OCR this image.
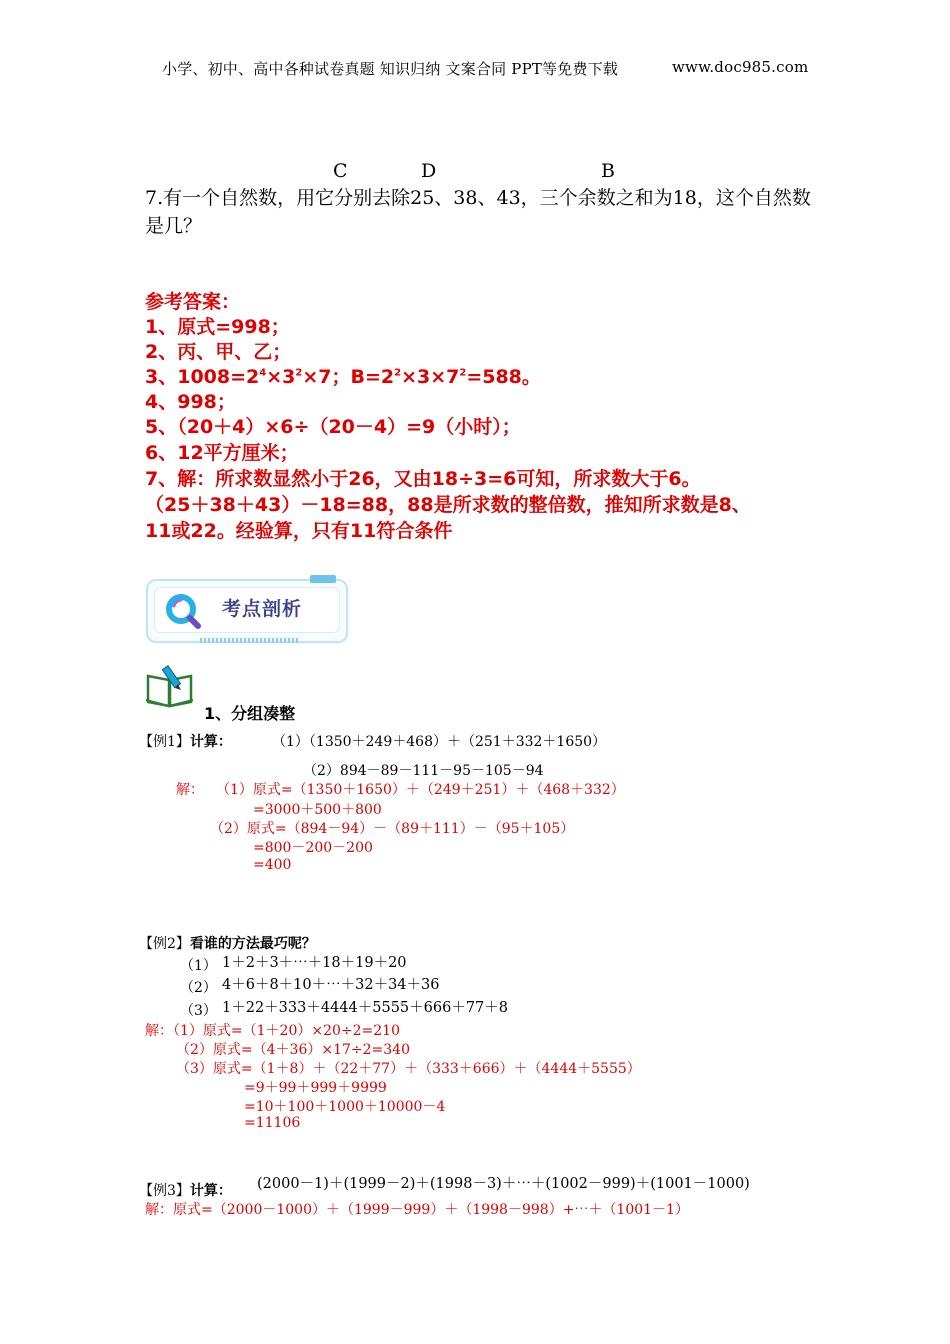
小学、初中、高中各种试卷真题 知识归纳 文案合同 PPT等免费下载	www.doc985.com
C	D	B
7.有一个自然数，用它分别去除25、38、43，三个余数之和为18，这个自然数是几？
参考答案：
1、原式=998；
2、丙、甲、乙；
3、$1008=2^4\times 3^2\times 7$；$B=2^2\times 3\times 7^2=588$。
4、998；
5、（20＋4）×6÷（20－4）=9（小时）；
6、12平方厘米；
7、解：所求数显然小于26，又由18÷3=6可知，所求数大于6。
（25＋38＋43）－18=88，88是所求数的整倍数，推知所求数是8、
11或22。经验算，只有11符合条件
考点剖析
1、分组凑整
【例1】计算：	（1）（1350＋249＋468）＋（251＋332＋1650）
（2）894－89－111－95－105－94
解： （1）原式=（1350＋1650）＋（249＋251）＋（468＋332）
=3000＋500＋800
（2）原式=（894－94）－（89＋111）－（95＋105）
=800－200－200
=400
【例2】看谁的方法最巧呢？
（1） 1＋2＋3＋⋯＋18＋19＋20
（2） 4＋6＋8＋10＋⋯＋32＋34＋36
（3） 1＋22＋333＋4444＋5555＋666＋77＋8
解：（1）原式=（1＋20）×20÷2=210
（2）原式=（4＋36）×17÷2=340
（3）原式=（1＋8）＋（22＋77）＋（333＋666）＋（4444＋5555）
=9＋99＋999＋9999
=10＋100＋1000＋10000－4
=11106
【例3】计算： (2000－1)＋(1999－2)＋(1998－3)＋⋯＋(1002－999)＋(1001－1000)
解：原式=（2000－1000）＋（1999－999）＋（1998－998）+⋯＋（1001－1）
